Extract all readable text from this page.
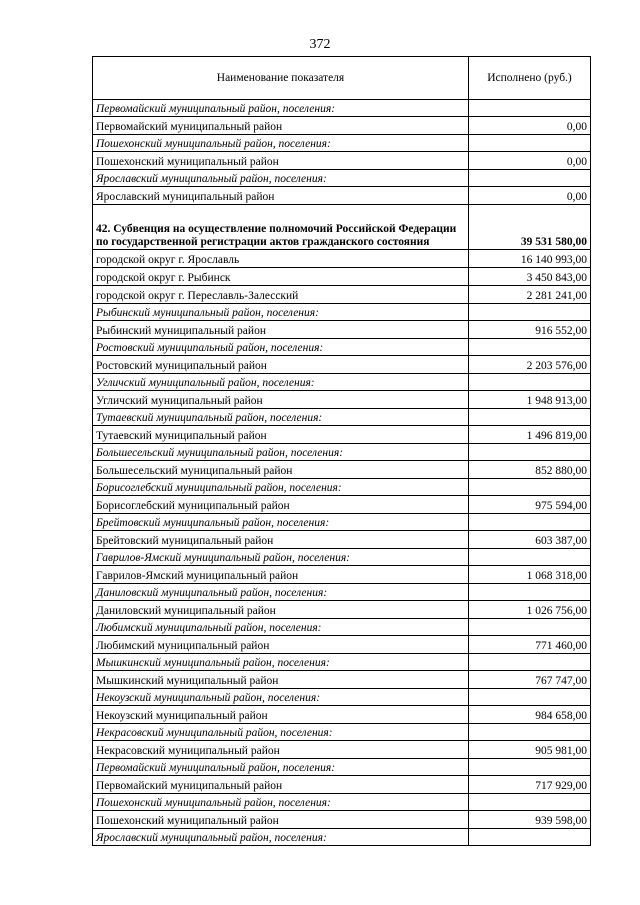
372
Наименование показателя	Исполнено (руб.)
Первомайский муниципальный район, поселения:	
Первомайский муниципальный район	0,00
Пошехонский муниципальный район, поселения:	
Пошехонский муниципальный район	0,00
Ярославский муниципальный район, поселения:	
Ярославский муниципальный район	0,00
42. Субвенция на осуществление полномочий Российской Федерации по государственной регистрации актов гражданского состояния	39 531 580,00
городской округ г. Ярославль	16 140 993,00
городской округ г. Рыбинск	3 450 843,00
городской округ г. Переславль-Залесский	2 281 241,00
Рыбинский муниципальный район, поселения:	
Рыбинский муниципальный район	916 552,00
Ростовский муниципальный район, поселения:	
Ростовский муниципальный район	2 203 576,00
Угличский муниципальный район, поселения:	
Угличский муниципальный район	1 948 913,00
Тутаевский муниципальный район, поселения:	
Тутаевский муниципальный район	1 496 819,00
Большесельский муниципальный район, поселения:	
Большесельский муниципальный район	852 880,00
Борисоглебский муниципальный район, поселения:	
Борисоглебский муниципальный район	975 594,00
Брейтовский муниципальный район, поселения:	
Брейтовский муниципальный район	603 387,00
Гаврилов-Ямский муниципальный район, поселения:	
Гаврилов-Ямский муниципальный район	1 068 318,00
Даниловский муниципальный район, поселения:	
Даниловский муниципальный район	1 026 756,00
Любимский муниципальный район, поселения:	
Любимский муниципальный район	771 460,00
Мышкинский муниципальный район, поселения:	
Мышкинский муниципальный район	767 747,00
Некоузский муниципальный район, поселения:	
Некоузский муниципальный район	984 658,00
Некрасовский муниципальный район, поселения:	
Некрасовский муниципальный район	905 981,00
Первомайский муниципальный район, поселения:	
Первомайский муниципальный район	717 929,00
Пошехонский муниципальный район, поселения:	
Пошехонский муниципальный район	939 598,00
Ярославский муниципальный район, поселения:	
